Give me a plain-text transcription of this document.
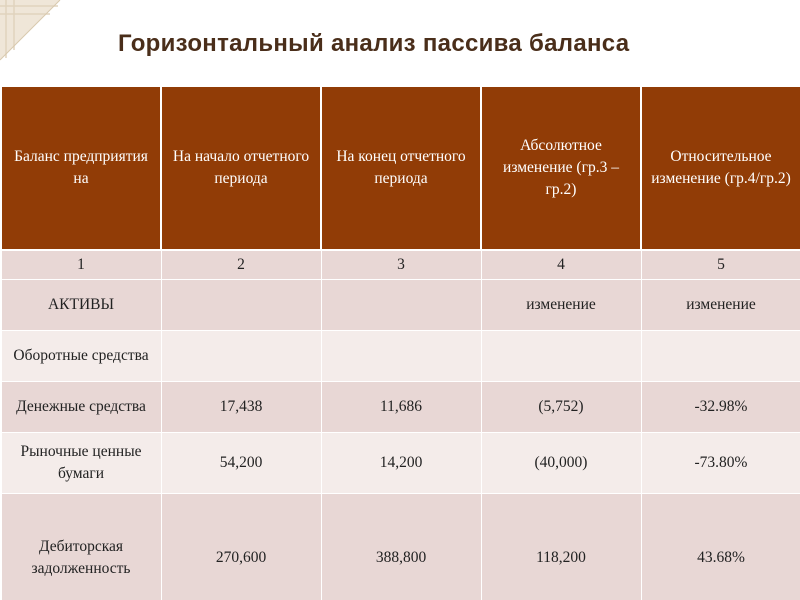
Горизонтальный анализ пассива баланса
Баланс предприятия на	На начало отчетного периода	На конец отчетного периода	Абсолютное изменение (гр.3 – гр.2)	Относительное изменение (гр.4/гр.2)
1	2	3	4	5
АКТИВЫ			изменение	изменение
Оборотные средства				
Денежные средства	17,438	11,686	(5,752)	-32.98%
Рыночные ценные бумаги	54,200	14,200	(40,000)	-73.80%
Дебиторская задолженность	270,600	388,800	118,200	43.68%
